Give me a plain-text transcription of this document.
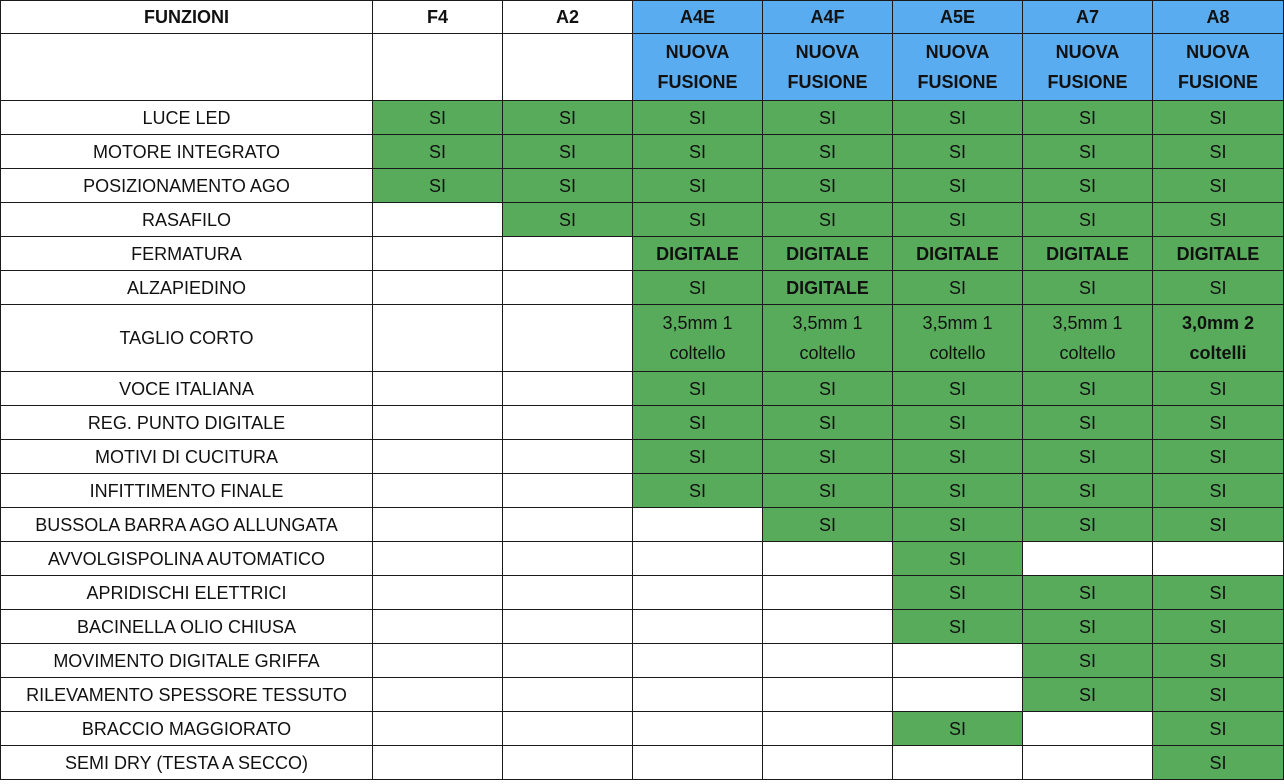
FUNZIONI	F4	A2	A4E	A4F	A5E	A7	A8
			NUOVA FUSIONE	NUOVA FUSIONE	NUOVA FUSIONE	NUOVA FUSIONE	NUOVA FUSIONE
LUCE LED	SI	SI	SI	SI	SI	SI	SI
MOTORE INTEGRATO	SI	SI	SI	SI	SI	SI	SI
POSIZIONAMENTO AGO	SI	SI	SI	SI	SI	SI	SI
RASAFILO		SI	SI	SI	SI	SI	SI
FERMATURA			DIGITALE	DIGITALE	DIGITALE	DIGITALE	DIGITALE
ALZAPIEDINO			SI	DIGITALE	SI	SI	SI
TAGLIO CORTO			3,5mm 1 coltello	3,5mm 1 coltello	3,5mm 1 coltello	3,5mm 1 coltello	3,0mm 2 coltelli
VOCE ITALIANA			SI	SI	SI	SI	SI
REG. PUNTO DIGITALE			SI	SI	SI	SI	SI
MOTIVI DI CUCITURA			SI	SI	SI	SI	SI
INFITTIMENTO FINALE			SI	SI	SI	SI	SI
BUSSOLA BARRA AGO ALLUNGATA				SI	SI	SI	SI
AVVOLGISPOLINA AUTOMATICO					SI		
APRIDISCHI ELETTRICI					SI	SI	SI
BACINELLA OLIO CHIUSA					SI	SI	SI
MOVIMENTO DIGITALE GRIFFA						SI	SI
RILEVAMENTO SPESSORE TESSUTO						SI	SI
BRACCIO MAGGIORATO					SI		SI
SEMI DRY (TESTA A SECCO)							SI
